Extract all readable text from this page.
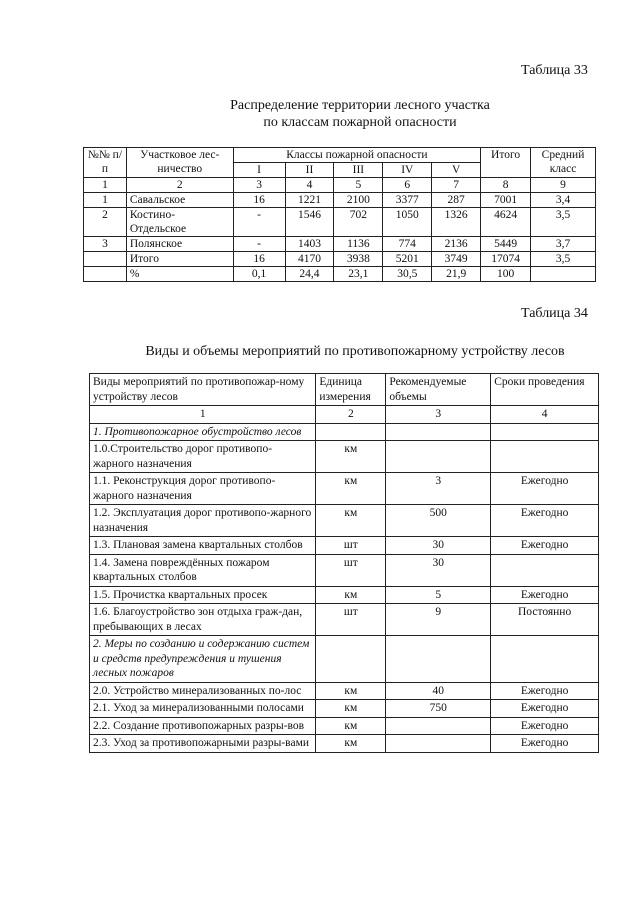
Таблица 33
Распределение территории лесного участка
по классам пожарной опасности
№№ п/п	Участковое лес-ничество	Классы пожарной опасности					Итого	Средний класс
		I	II	III	IV	V		
1	2	3	4	5	6	7	8	9
1	Савальское	16	1221	2100	3377	287	7001	3,4
2	Костино-Отдельское	-	1546	702	1050	1326	4624	3,5
3	Полянское	-	1403	1136	774	2136	5449	3,7
	Итого	16	4170	3938	5201	3749	17074	3,5
	%	0,1	24,4	23,1	30,5	21,9	100	
Таблица 34
Виды и объемы мероприятий по противопожарному устройству лесов
Виды мероприятий по противопожар-ному устройству лесов	Единица измерения	Рекомендуемые объемы	Сроки проведения
1	2	3	4
1. Противопожарное обустройство лесов			
1.0.Строительство дорог противопо-жарного назначения	км		
1.1. Реконструкция дорог противопо-жарного назначения	км	3	Ежегодно
1.2. Эксплуатация дорог противопо-жарного назначения	км	500	Ежегодно
1.3. Плановая замена квартальных столбов	шт	30	Ежегодно
1.4. Замена повреждённых пожаром квартальных столбов	шт	30	
1.5. Прочистка квартальных просек	км	5	Ежегодно
1.6. Благоустройство зон отдыха граж-дан, пребывающих в лесах	шт	9	Постоянно
2. Меры по созданию и содержанию систем и средств предупреждения и тушения лесных пожаров			
2.0. Устройство минерализованных по-лос	км	40	Ежегодно
2.1. Уход за минерализованными полосами	км	750	Ежегодно
2.2. Создание противопожарных разры-вов	км		Ежегодно
2.3. Уход за противопожарными разры-вами	км		Ежегодно
